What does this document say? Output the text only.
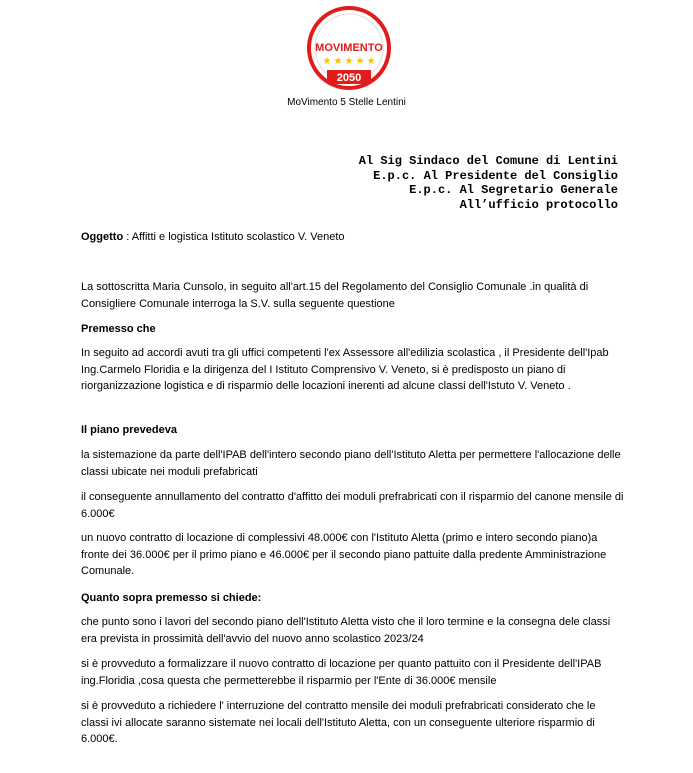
MOVIMENTO
★ ★ ★ ★ ★
2050
MoVimento 5 Stelle Lentini
Al Sig Sindaco del Comune di Lentini
E.p.c. Al Presidente del Consiglio
E.p.c. Al Segretario Generale
All’ufficio protocollo
Oggetto : Affitti e logistica Istituto scolastico V. Veneto
La sottoscritta Maria Cunsolo, in seguito all'art.15 del Regolamento del Consiglio Comunale .in qualità di Consigliere Comunale interroga la S.V. sulla seguente questione
Premesso che
In seguito ad accordi avuti tra gli uffici competenti l'ex Assessore all'edilizia scolastica , il Presidente dell'Ipab Ing.Carmelo Floridia e la dirigenza del I Istituto Comprensivo V. Veneto, si è predisposto un piano di riorganizzazione logistica e di risparmio delle locazioni inerenti ad alcune classi dell'Istuto V. Veneto .
Il piano prevedeva
la sistemazione da parte dell'IPAB dell'intero secondo piano dell'Istituto Aletta per permettere l'allocazione delle classi ubicate nei moduli prefabricati
il conseguente annullamento del contratto d'affitto dei moduli prefrabricati con il risparmio del canone mensile di 6.000€
un nuovo contratto di locazione di complessivi 48.000€ con l'Istituto Aletta (primo e intero secondo piano)a fronte dei 36.000€ per il primo piano e 46.000€ per il secondo piano pattuite dalla predente Amministrazione Comunale.
Quanto sopra premesso si chiede:
che punto sono i lavori del secondo piano dell'Istituto Aletta visto che il loro termine e la consegna dele classi era prevista in prossimità dell'avvio del nuovo anno scolastico 2023/24
si è provveduto a formalizzare il nuovo contratto di locazione per quanto pattuito con il Presidente dell'IPAB ing.Floridia ,cosa questa che permetterebbe il risparmio per l'Ente di 36.000€ mensile
si è provveduto a richiedere l' interruzione del contratto mensile dei moduli prefrabricati considerato che le classi ivi allocate saranno sistemate nei locali dell'Istituto Aletta, con un conseguente ulteriore risparmio di 6.000€.
